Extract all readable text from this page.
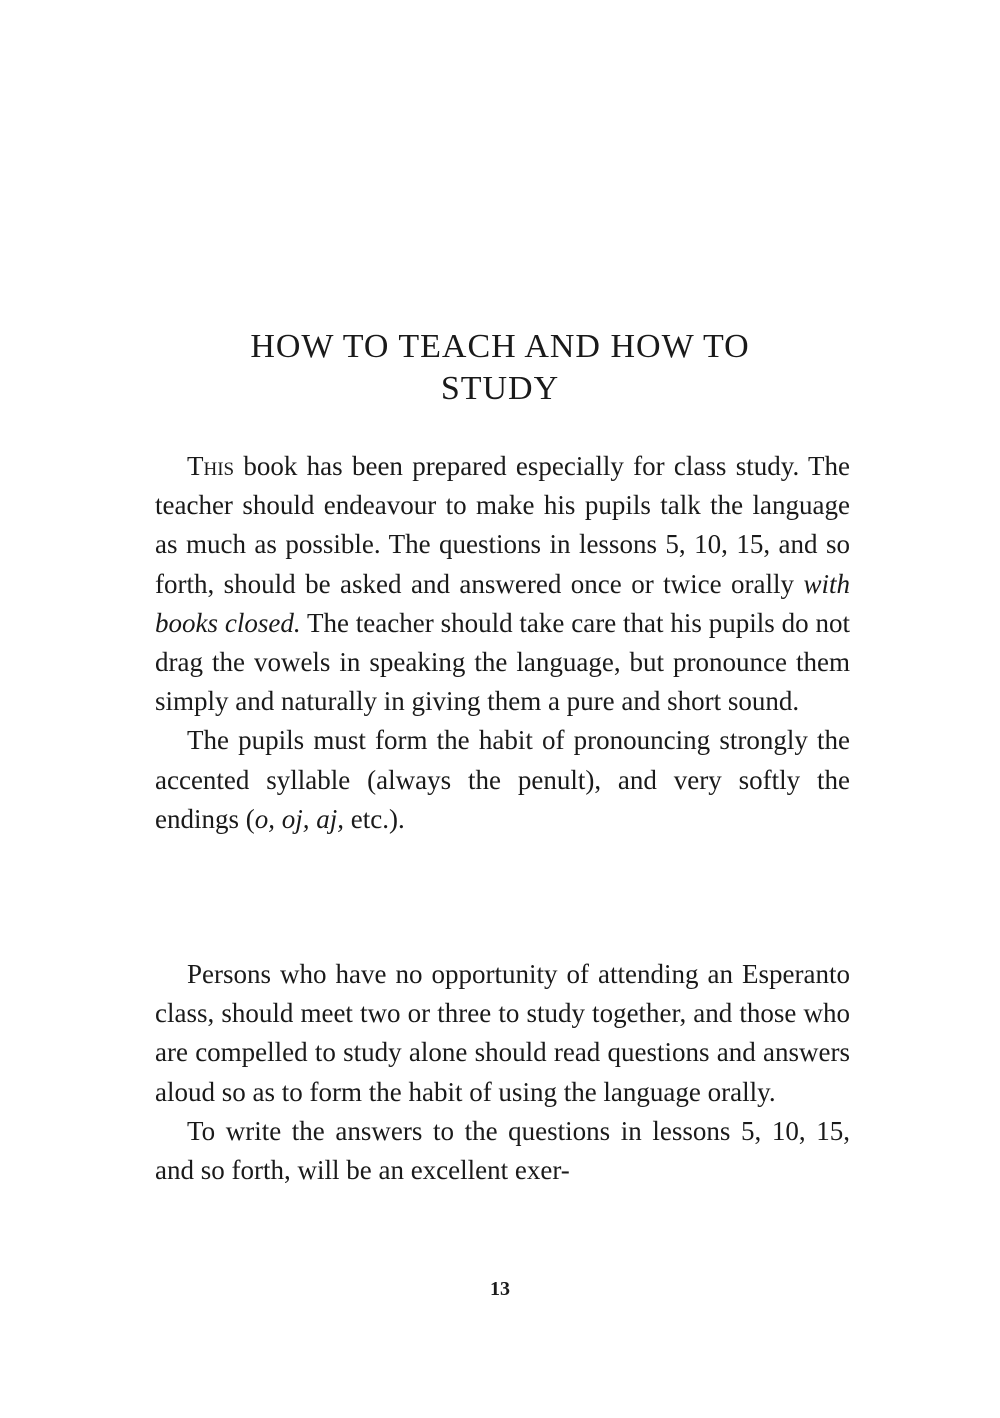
HOW TO TEACH AND HOW TO
STUDY

This book has been prepared especially for class study. The teacher should endeavour to make his pupils talk the language as much as possible. The questions in lessons 5, 10, 15, and so forth, should be asked and answered once or twice orally with books closed. The teacher should take care that his pupils do not drag the vowels in speaking the language, but pronounce them simply and naturally in giving them a pure and short sound.

The pupils must form the habit of pronouncing strongly the accented syllable (always the penult), and very softly the endings (o, oj, aj, etc.).

Persons who have no opportunity of attending an Esperanto class, should meet two or three to study together, and those who are compelled to study alone should read questions and answers aloud so as to form the habit of using the language orally.

To write the answers to the questions in lessons 5, 10, 15, and so forth, will be an excellent exer-

13
